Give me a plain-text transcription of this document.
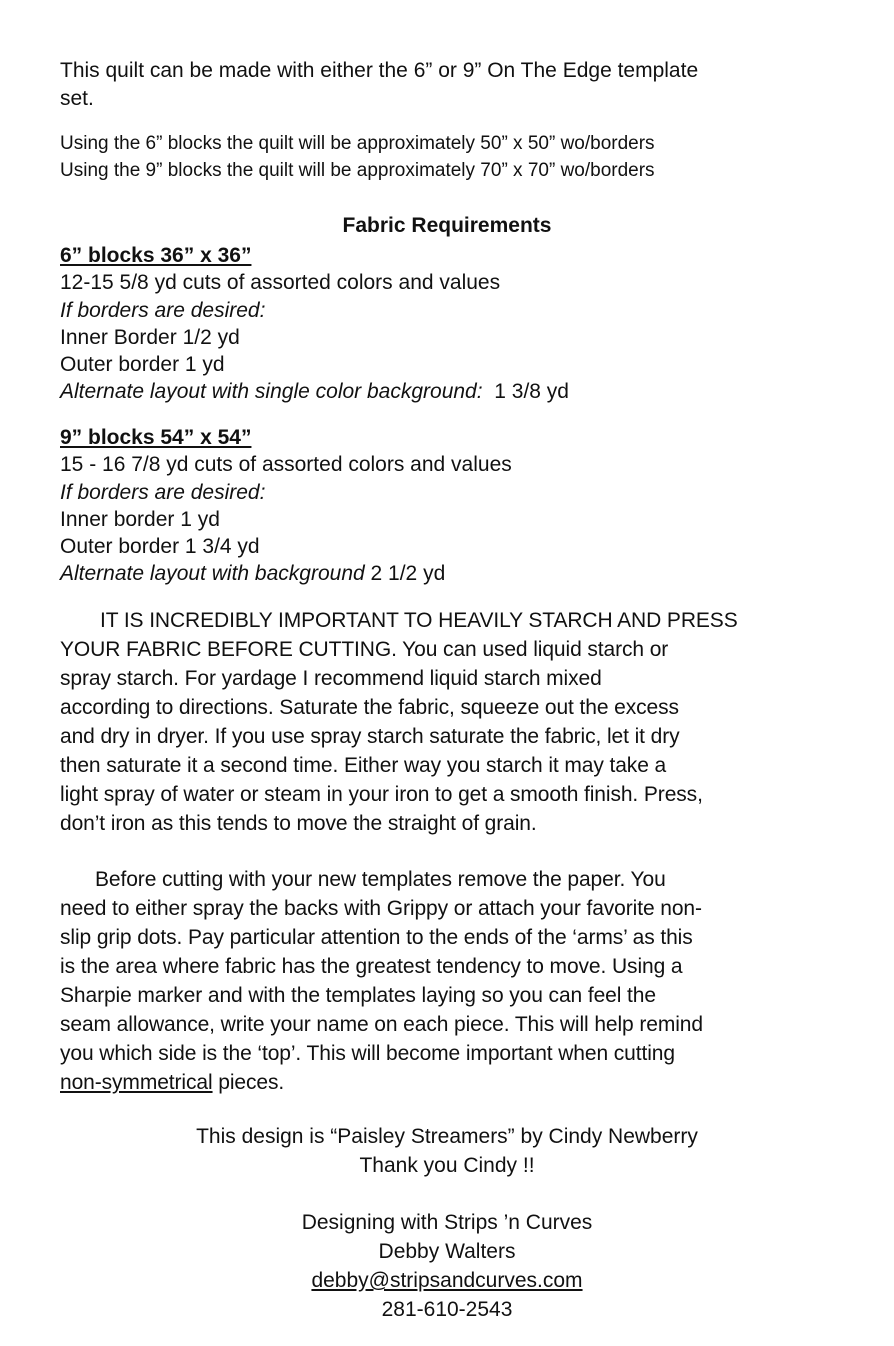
This quilt can be made with either the 6” or 9” On The Edge template
set.
Using the 6” blocks the quilt will be approximately 50” x 50” wo/borders
Using the 9” blocks the quilt will be approximately 70” x 70” wo/borders
Fabric Requirements
6” blocks 36” x 36”
12-15 5/8 yd cuts of assorted colors and values
If borders are desired:
Inner Border 1/2 yd
Outer border 1 yd
Alternate layout with single color background:  1 3/8 yd
9” blocks 54” x 54”
15 - 16 7/8 yd cuts of assorted colors and values
If borders are desired:
Inner border 1 yd
Outer border 1 3/4 yd
Alternate layout with background 2 1/2 yd
IT IS INCREDIBLY IMPORTANT TO HEAVILY STARCH AND PRESS
YOUR FABRIC BEFORE CUTTING. You can used liquid starch or
spray starch. For yardage I recommend liquid starch mixed
according to directions. Saturate the fabric, squeeze out the excess
and dry in dryer. If you use spray starch saturate the fabric, let it dry
then saturate it a second time. Either way you starch it may take a
light spray of water or steam in your iron to get a smooth finish. Press,
don’t iron as this tends to move the straight of grain.
Before cutting with your new templates remove the paper. You
need to either spray the backs with Grippy or attach your favorite non-
slip grip dots. Pay particular attention to the ends of the ‘arms’ as this
is the area where fabric has the greatest tendency to move. Using a
Sharpie marker and with the templates laying so you can feel the
seam allowance, write your name on each piece. This will help remind
you which side is the ‘top’. This will become important when cutting
non-symmetrical pieces.
This design is “Paisley Streamers” by Cindy Newberry
Thank you Cindy !!
Designing with Strips ’n Curves
Debby Walters
debby@stripsandcurves.com
281-610-2543
